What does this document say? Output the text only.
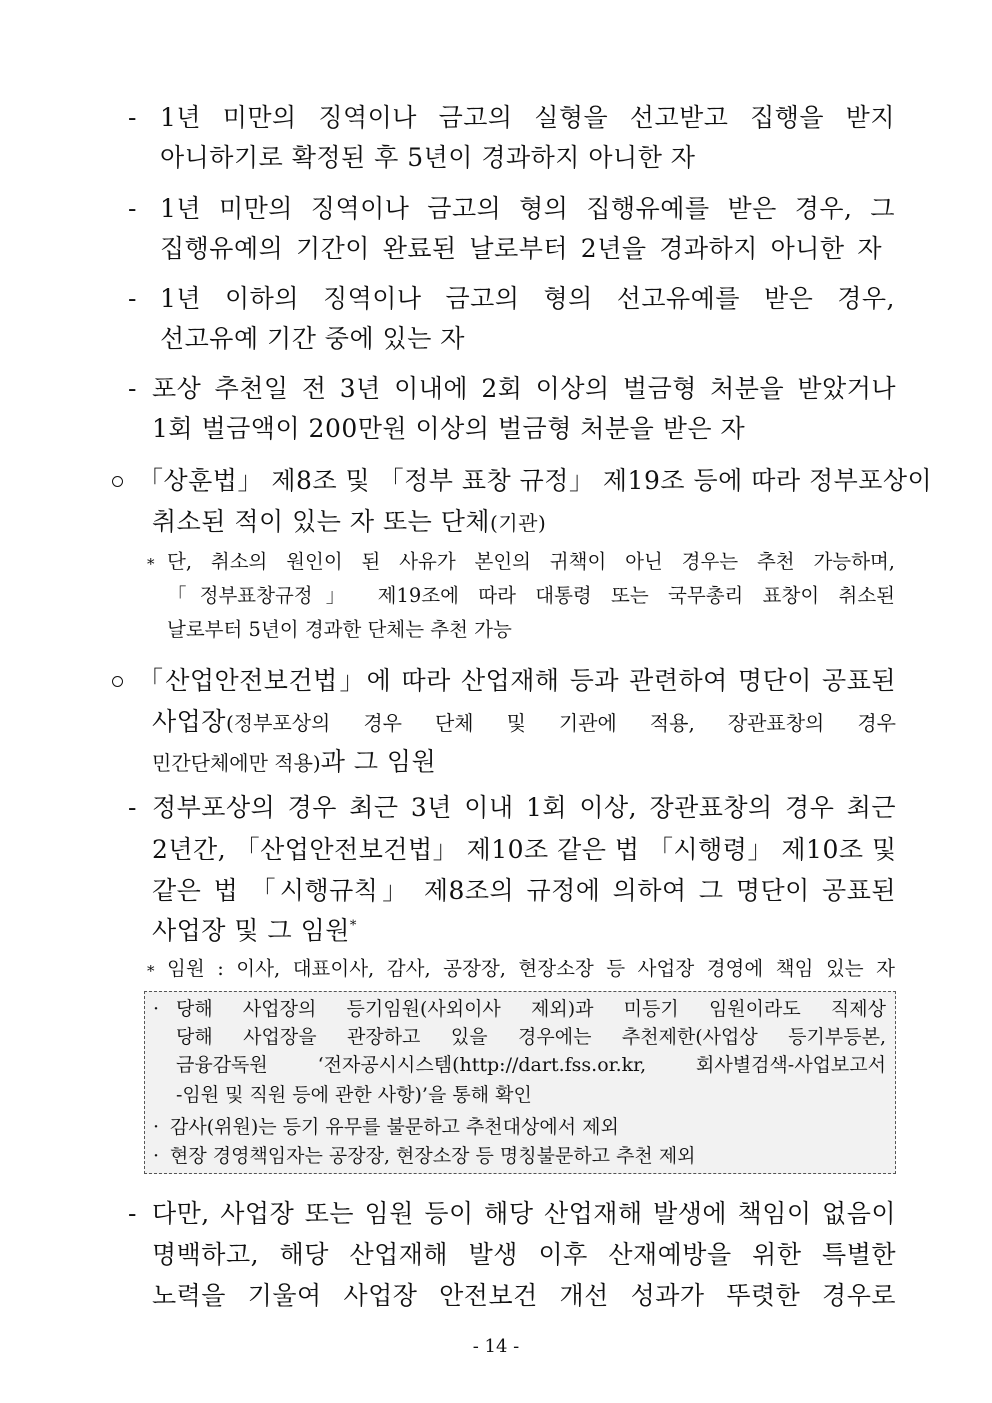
- 1년 미만의 징역이나 금고의 실형을 선고받고 집행을 받지
아니하기로 확정된 후 5년이 경과하지 아니한 자
- 1년 미만의 징역이나 금고의 형의 집행유예를 받은 경우, 그
집행유예의 기간이 완료된 날로부터 2년을 경과하지 아니한 자
- 1년 이하의 징역이나 금고의 형의 선고유예를 받은 경우,
선고유예 기간 중에 있는 자
- 포상 추천일 전 3년 이내에 2회 이상의 벌금형 처분을 받았거나
1회 벌금액이 200만원 이상의 벌금형 처분을 받은 자
「상훈법」 제8조 및 「정부 표창 규정」 제19조 등에 따라 정부포상이
취소된 적이 있는 자 또는 단체(기관)
* 단, 취소의 원인이 된 사유가 본인의 귀책이 아닌 경우는 추천 가능하며,
「정부표창규정」 제19조에 따라 대통령 또는 국무총리 표창이 취소된
날로부터 5년이 경과한 단체는 추천 가능
「산업안전보건법」에 따라 산업재해 등과 관련하여 명단이 공표된
사업장 (정부포상의 경우 단체 및 기관에 적용, 장관표창의 경우
민간단체에만 적용)과 그 임원
- 정부포상의 경우 최근 3년 이내 1회 이상, 장관표창의 경우 최근
2년간, 「산업안전보건법」 제10조 같은 법 「시행령」 제10조 및
같은 법 「시행규칙」 제8조의 규정에 의하여 그 명단이 공표된
사업장 및 그 임원*
* 임원 : 이사, 대표이사, 감사, 공장장, 현장소장 등 사업장 경영에 책임 있는 자
· 당해 사업장의 등기임원(사외이사 제외)과 미등기 임원이라도 직제상
당해 사업장을 관장하고 있을 경우에는 추천제한(사업상 등기부등본,
금융감독원 ‘전자공시시스템(http://dart.fss.or.kr, 회사별검색-사업보고서
-임원 및 직원 등에 관한 사항)’을 통해 확인
· 감사(위원)는 등기 유무를 불문하고 추천대상에서 제외
· 현장 경영책임자는 공장장, 현장소장 등 명칭불문하고 추천 제외
- 다만, 사업장 또는 임원 등이 해당 산업재해 발생에 책임이 없음이
명백하고, 해당 산업재해 발생 이후 산재예방을 위한 특별한
노력을 기울여 사업장 안전보건 개선 성과가 뚜렷한 경우로
- 14 -
